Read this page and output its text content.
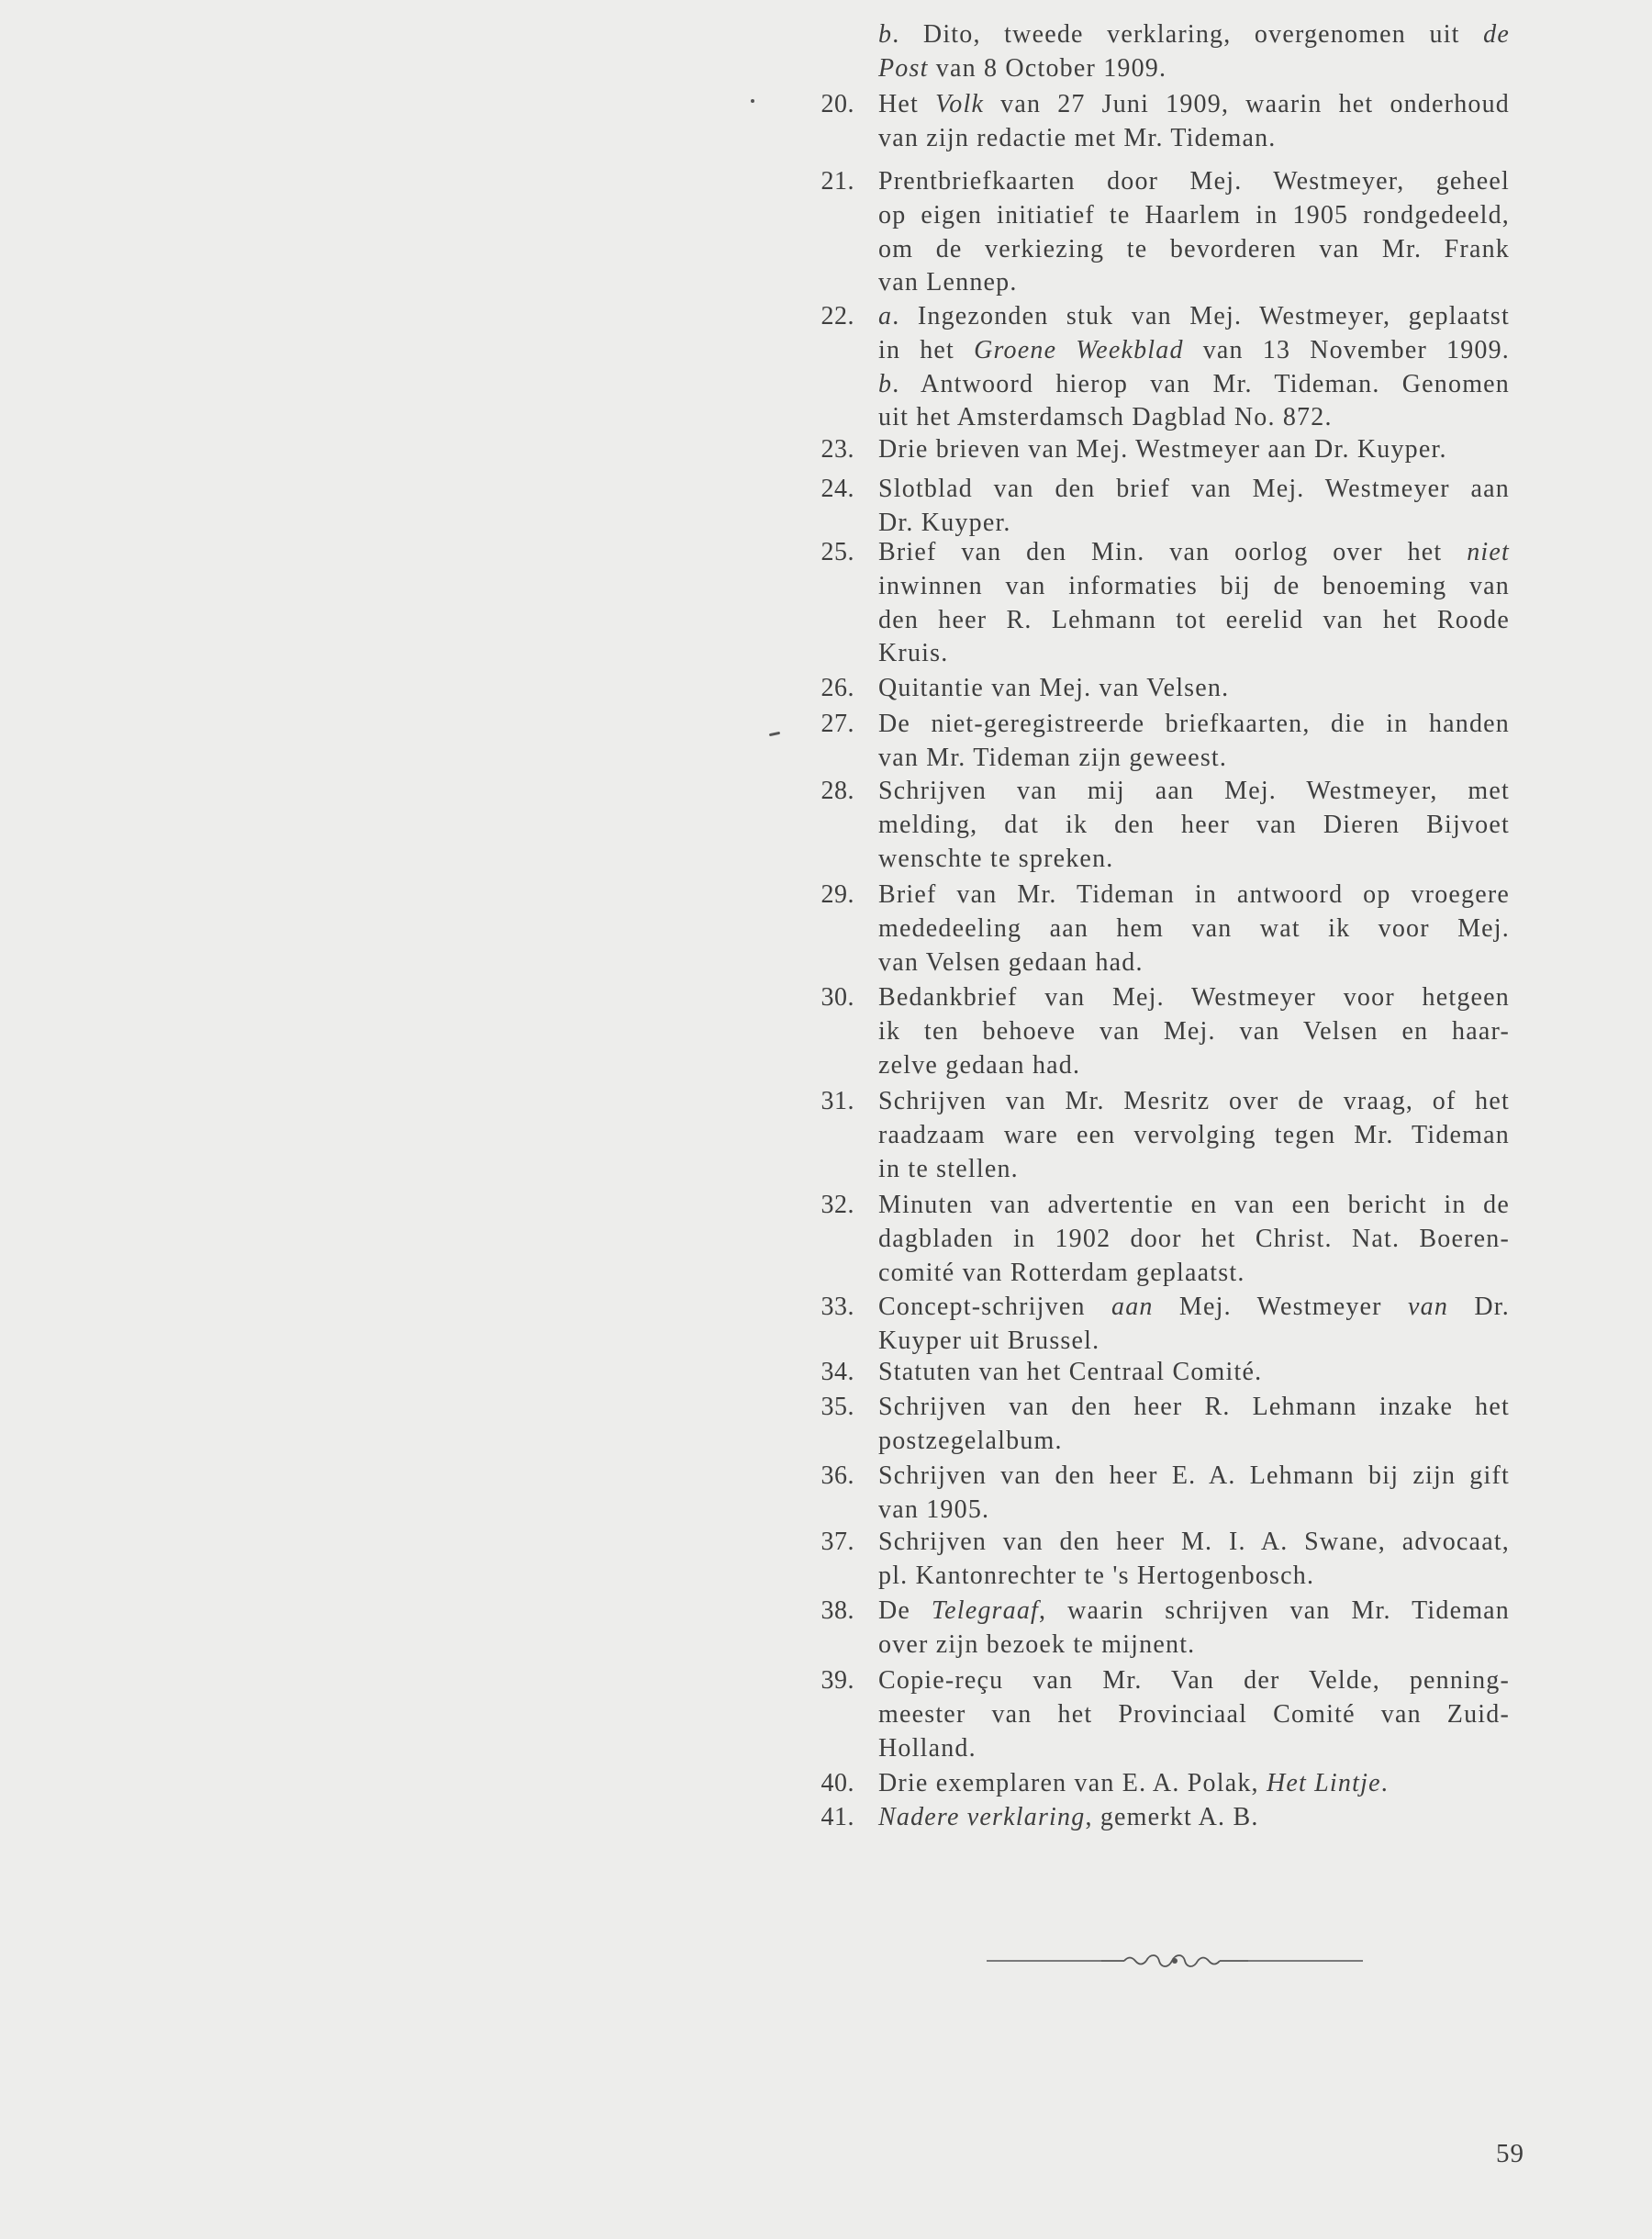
b. Dito, tweede verklaring, overgenomen uit de
Post van 8 October 1909.
20. Het Volk van 27 Juni 1909, waarin het onderhoud
van zijn redactie met Mr. Tideman.
21. Prentbriefkaarten door Mej. Westmeyer, geheel
op eigen initiatief te Haarlem in 1905 rondgedeeld,
om de verkiezing te bevorderen van Mr. Frank
van Lennep.
22. a. Ingezonden stuk van Mej. Westmeyer, geplaatst
in het Groene Weekblad van 13 November 1909.
b. Antwoord hierop van Mr. Tideman. Genomen
uit het Amsterdamsch Dagblad No. 872.
23. Drie brieven van Mej. Westmeyer aan Dr. Kuyper.
24. Slotblad van den brief van Mej. Westmeyer aan
Dr. Kuyper.
25. Brief van den Min. van oorlog over het niet
inwinnen van informaties bij de benoeming van
den heer R. Lehmann tot eerelid van het Roode
Kruis.
26. Quitantie van Mej. van Velsen.
27. De niet-geregistreerde briefkaarten, die in handen
van Mr. Tideman zijn geweest.
28. Schrijven van mij aan Mej. Westmeyer, met
melding, dat ik den heer van Dieren Bijvoet
wenschte te spreken.
29. Brief van Mr. Tideman in antwoord op vroegere
mededeeling aan hem van wat ik voor Mej.
van Velsen gedaan had.
30. Bedankbrief van Mej. Westmeyer voor hetgeen
ik ten behoeve van Mej. van Velsen en haar-
zelve gedaan had.
31. Schrijven van Mr. Mesritz over de vraag, of het
raadzaam ware een vervolging tegen Mr. Tideman
in te stellen.
32. Minuten van advertentie en van een bericht in de
dagbladen in 1902 door het Christ. Nat. Boeren-
comité van Rotterdam geplaatst.
33. Concept-schrijven aan Mej. Westmeyer van Dr.
Kuyper uit Brussel.
34. Statuten van het Centraal Comité.
35. Schrijven van den heer R. Lehmann inzake het
postzegelalbum.
36. Schrijven van den heer E. A. Lehmann bij zijn gift
van 1905.
37. Schrijven van den heer M. I. A. Swane, advocaat,
pl. Kantonrechter te 's Hertogenbosch.
38. De Telegraaf, waarin schrijven van Mr. Tideman
over zijn bezoek te mijnent.
39. Copie-reçu van Mr. Van der Velde, penning-
meester van het Provinciaal Comité van Zuid-
Holland.
40. Drie exemplaren van E. A. Polak, Het Lintje.
41. Nadere verklaring, gemerkt A. B.
59
